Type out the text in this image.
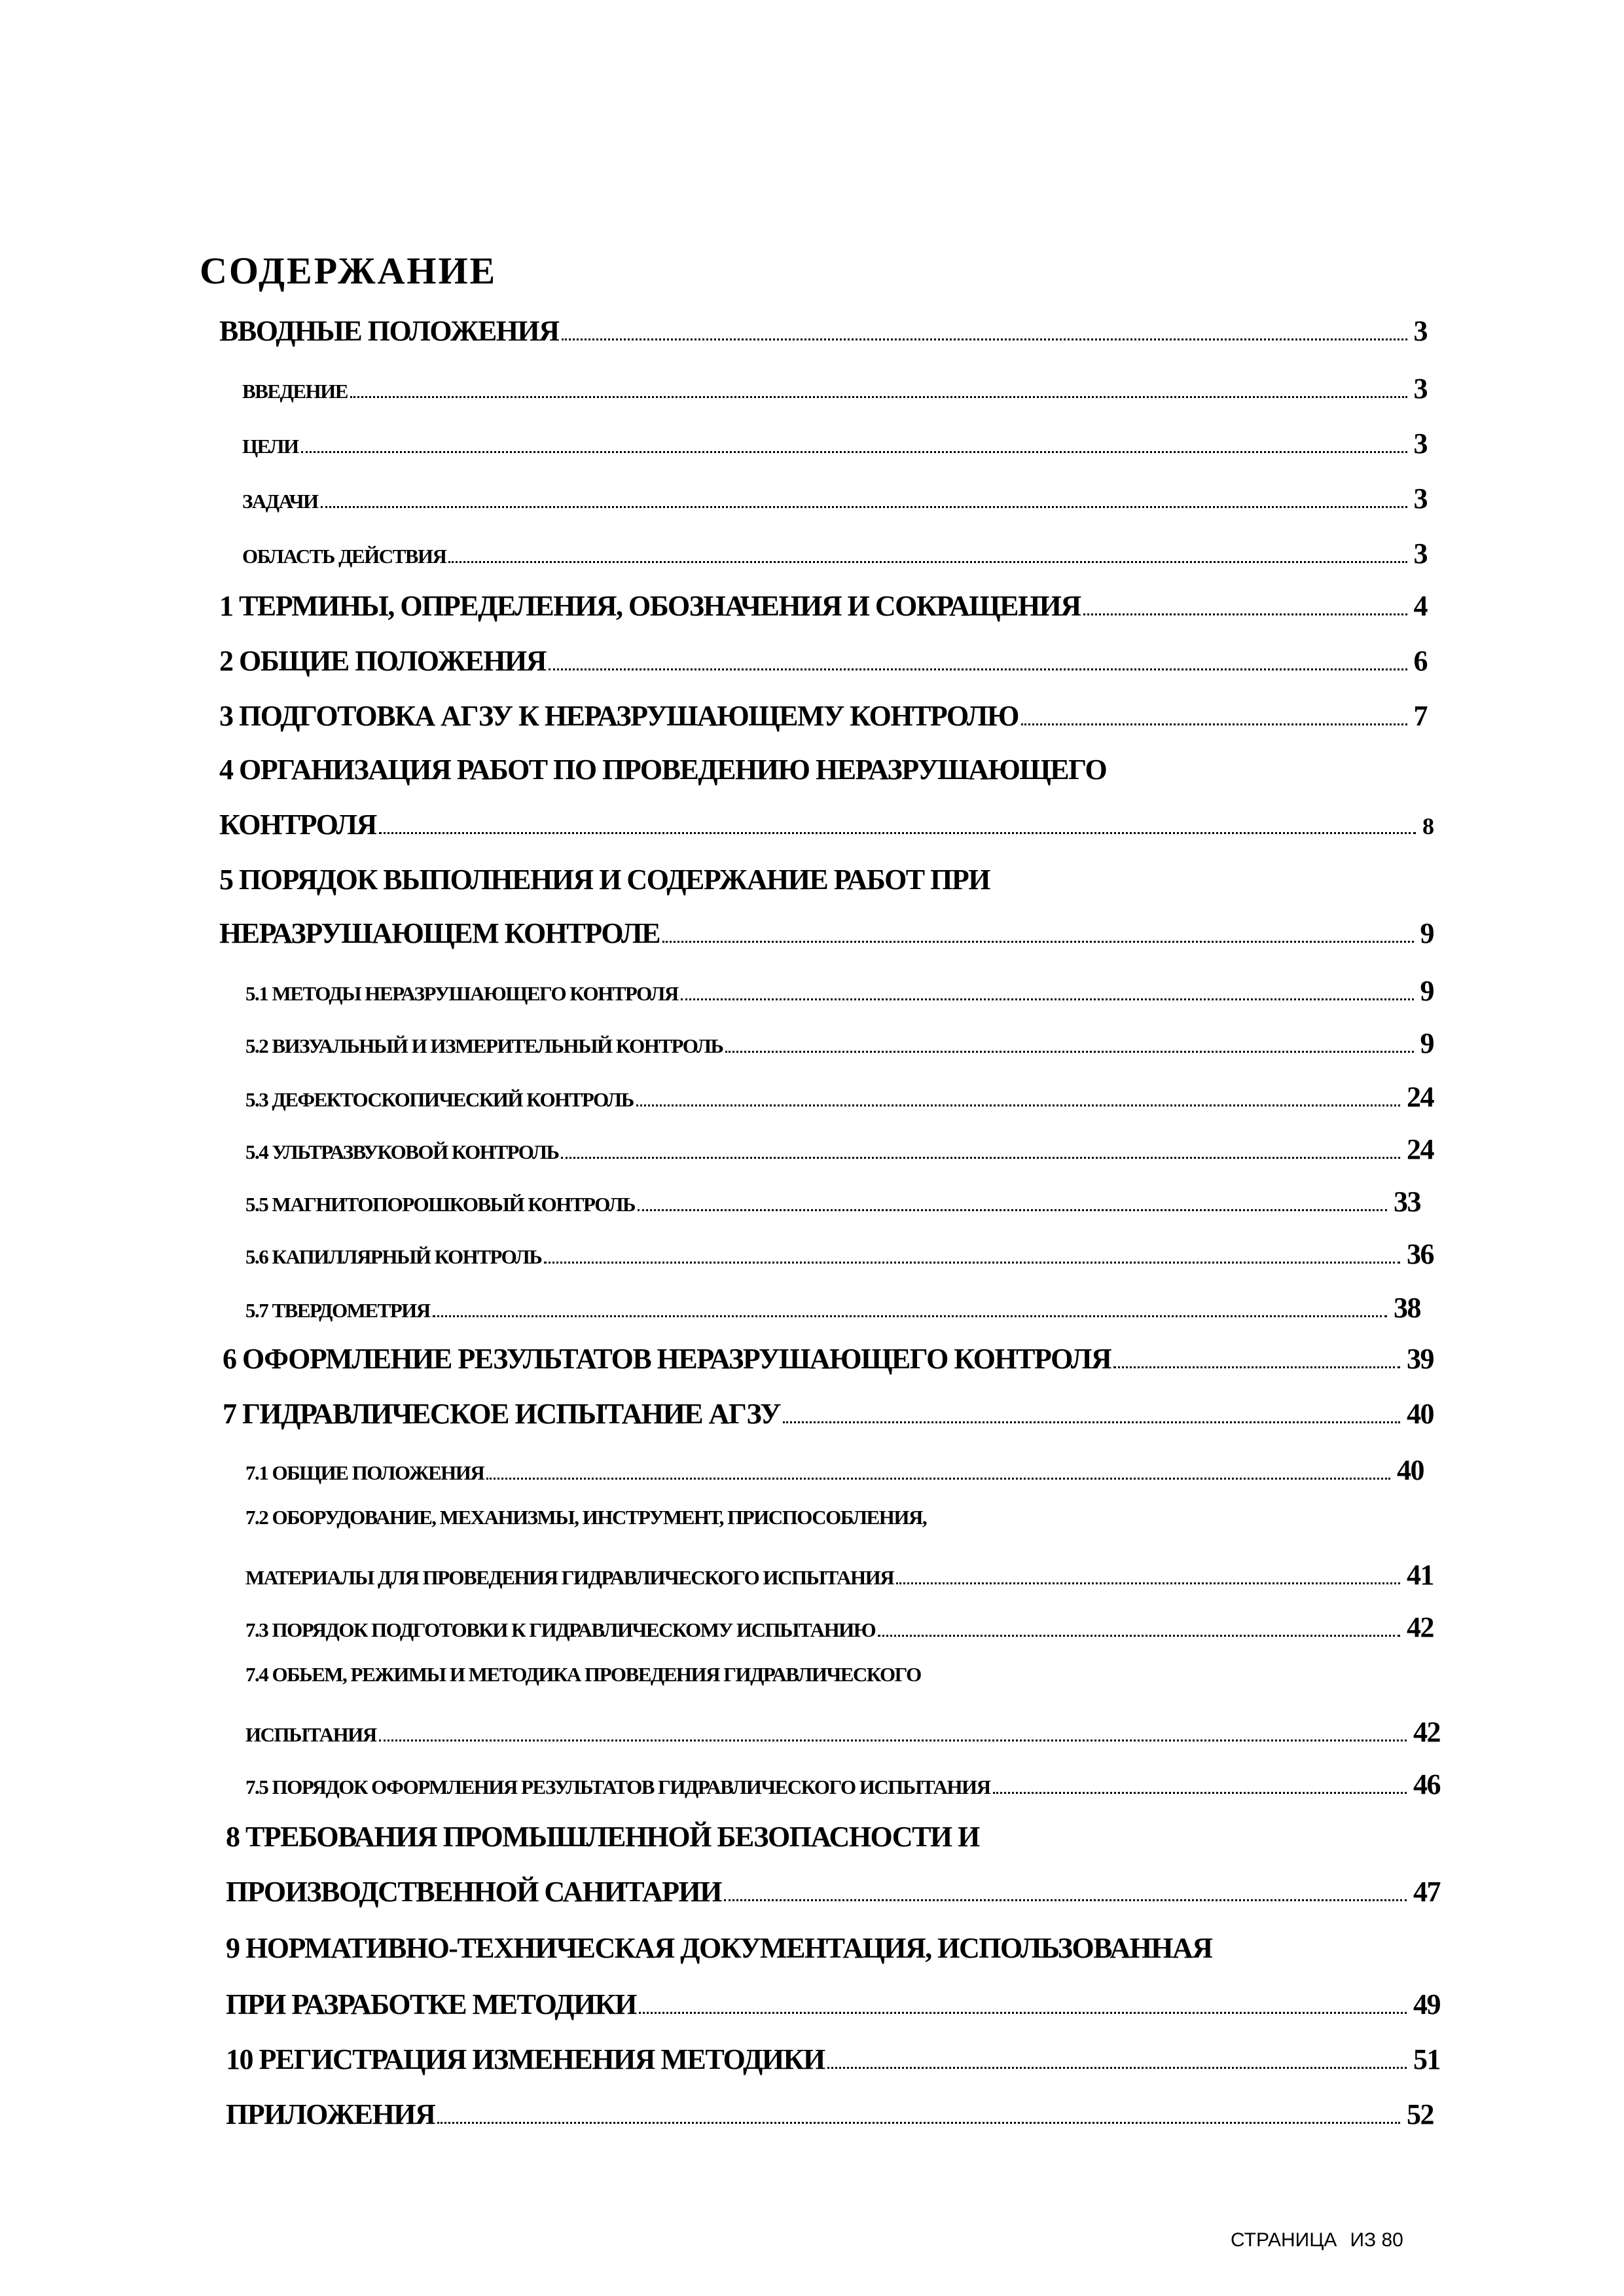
СОДЕРЖАНИЕ
ВВОДНЫЕ ПОЛОЖЕНИЯ	3
ВВЕДЕНИЕ	3
ЦЕЛИ	3
ЗАДАЧИ	3
ОБЛАСТЬ ДЕЙСТВИЯ	3
1 ТЕРМИНЫ, ОПРЕДЕЛЕНИЯ, ОБОЗНАЧЕНИЯ И СОКРАЩЕНИЯ	4
2 ОБЩИЕ ПОЛОЖЕНИЯ	6
3 ПОДГОТОВКА АГЗУ К НЕРАЗРУШАЮЩЕМУ КОНТРОЛЮ	7
4 ОРГАНИЗАЦИЯ РАБОТ ПО ПРОВЕДЕНИЮ НЕРАЗРУШАЮЩЕГО
КОНТРОЛЯ	8
5 ПОРЯДОК ВЫПОЛНЕНИЯ И СОДЕРЖАНИЕ РАБОТ ПРИ
НЕРАЗРУШАЮЩЕМ КОНТРОЛЕ	9
5.1 МЕТОДЫ НЕРАЗРУШАЮЩЕГО КОНТРОЛЯ	9
5.2 ВИЗУАЛЬНЫЙ И ИЗМЕРИТЕЛЬНЫЙ КОНТРОЛЬ	9
5.3 ДЕФЕКТОСКОПИЧЕСКИЙ КОНТРОЛЬ	24
5.4 УЛЬТРАЗВУКОВОЙ КОНТРОЛЬ	24
5.5 МАГНИТОПОРОШКОВЫЙ КОНТРОЛЬ	33
5.6 КАПИЛЛЯРНЫЙ КОНТРОЛЬ	36
5.7 ТВЕРДОМЕТРИЯ	38
6 ОФОРМЛЕНИЕ РЕЗУЛЬТАТОВ НЕРАЗРУШАЮЩЕГО КОНТРОЛЯ	39
7 ГИДРАВЛИЧЕСКОЕ ИСПЫТАНИЕ АГЗУ	40
7.1 ОБЩИЕ ПОЛОЖЕНИЯ	40
7.2 ОБОРУДОВАНИЕ, МЕХАНИЗМЫ, ИНСТРУМЕНТ, ПРИСПОСОБЛЕНИЯ,
МАТЕРИАЛЫ ДЛЯ ПРОВЕДЕНИЯ ГИДРАВЛИЧЕСКОГО ИСПЫТАНИЯ	41
7.3 ПОРЯДОК ПОДГОТОВКИ К ГИДРАВЛИЧЕСКОМУ ИСПЫТАНИЮ	42
7.4 ОБЬЕМ, РЕЖИМЫ И МЕТОДИКА ПРОВЕДЕНИЯ ГИДРАВЛИЧЕСКОГО
ИСПЫТАНИЯ	42
7.5 ПОРЯДОК ОФОРМЛЕНИЯ РЕЗУЛЬТАТОВ ГИДРАВЛИЧЕСКОГО ИСПЫТАНИЯ	46
8 ТРЕБОВАНИЯ ПРОМЫШЛЕННОЙ БЕЗОПАСНОСТИ И
ПРОИЗВОДСТВЕННОЙ САНИТАРИИ	47
9 НОРМАТИВНО-ТЕХНИЧЕСКАЯ ДОКУМЕНТАЦИЯ, ИСПОЛЬЗОВАННАЯ
ПРИ РАЗРАБОТКЕ МЕТОДИКИ	49
10 РЕГИСТРАЦИЯ ИЗМЕНЕНИЯ МЕТОДИКИ	51
ПРИЛОЖЕНИЯ	52
СТРАНИЦА ИЗ 80
